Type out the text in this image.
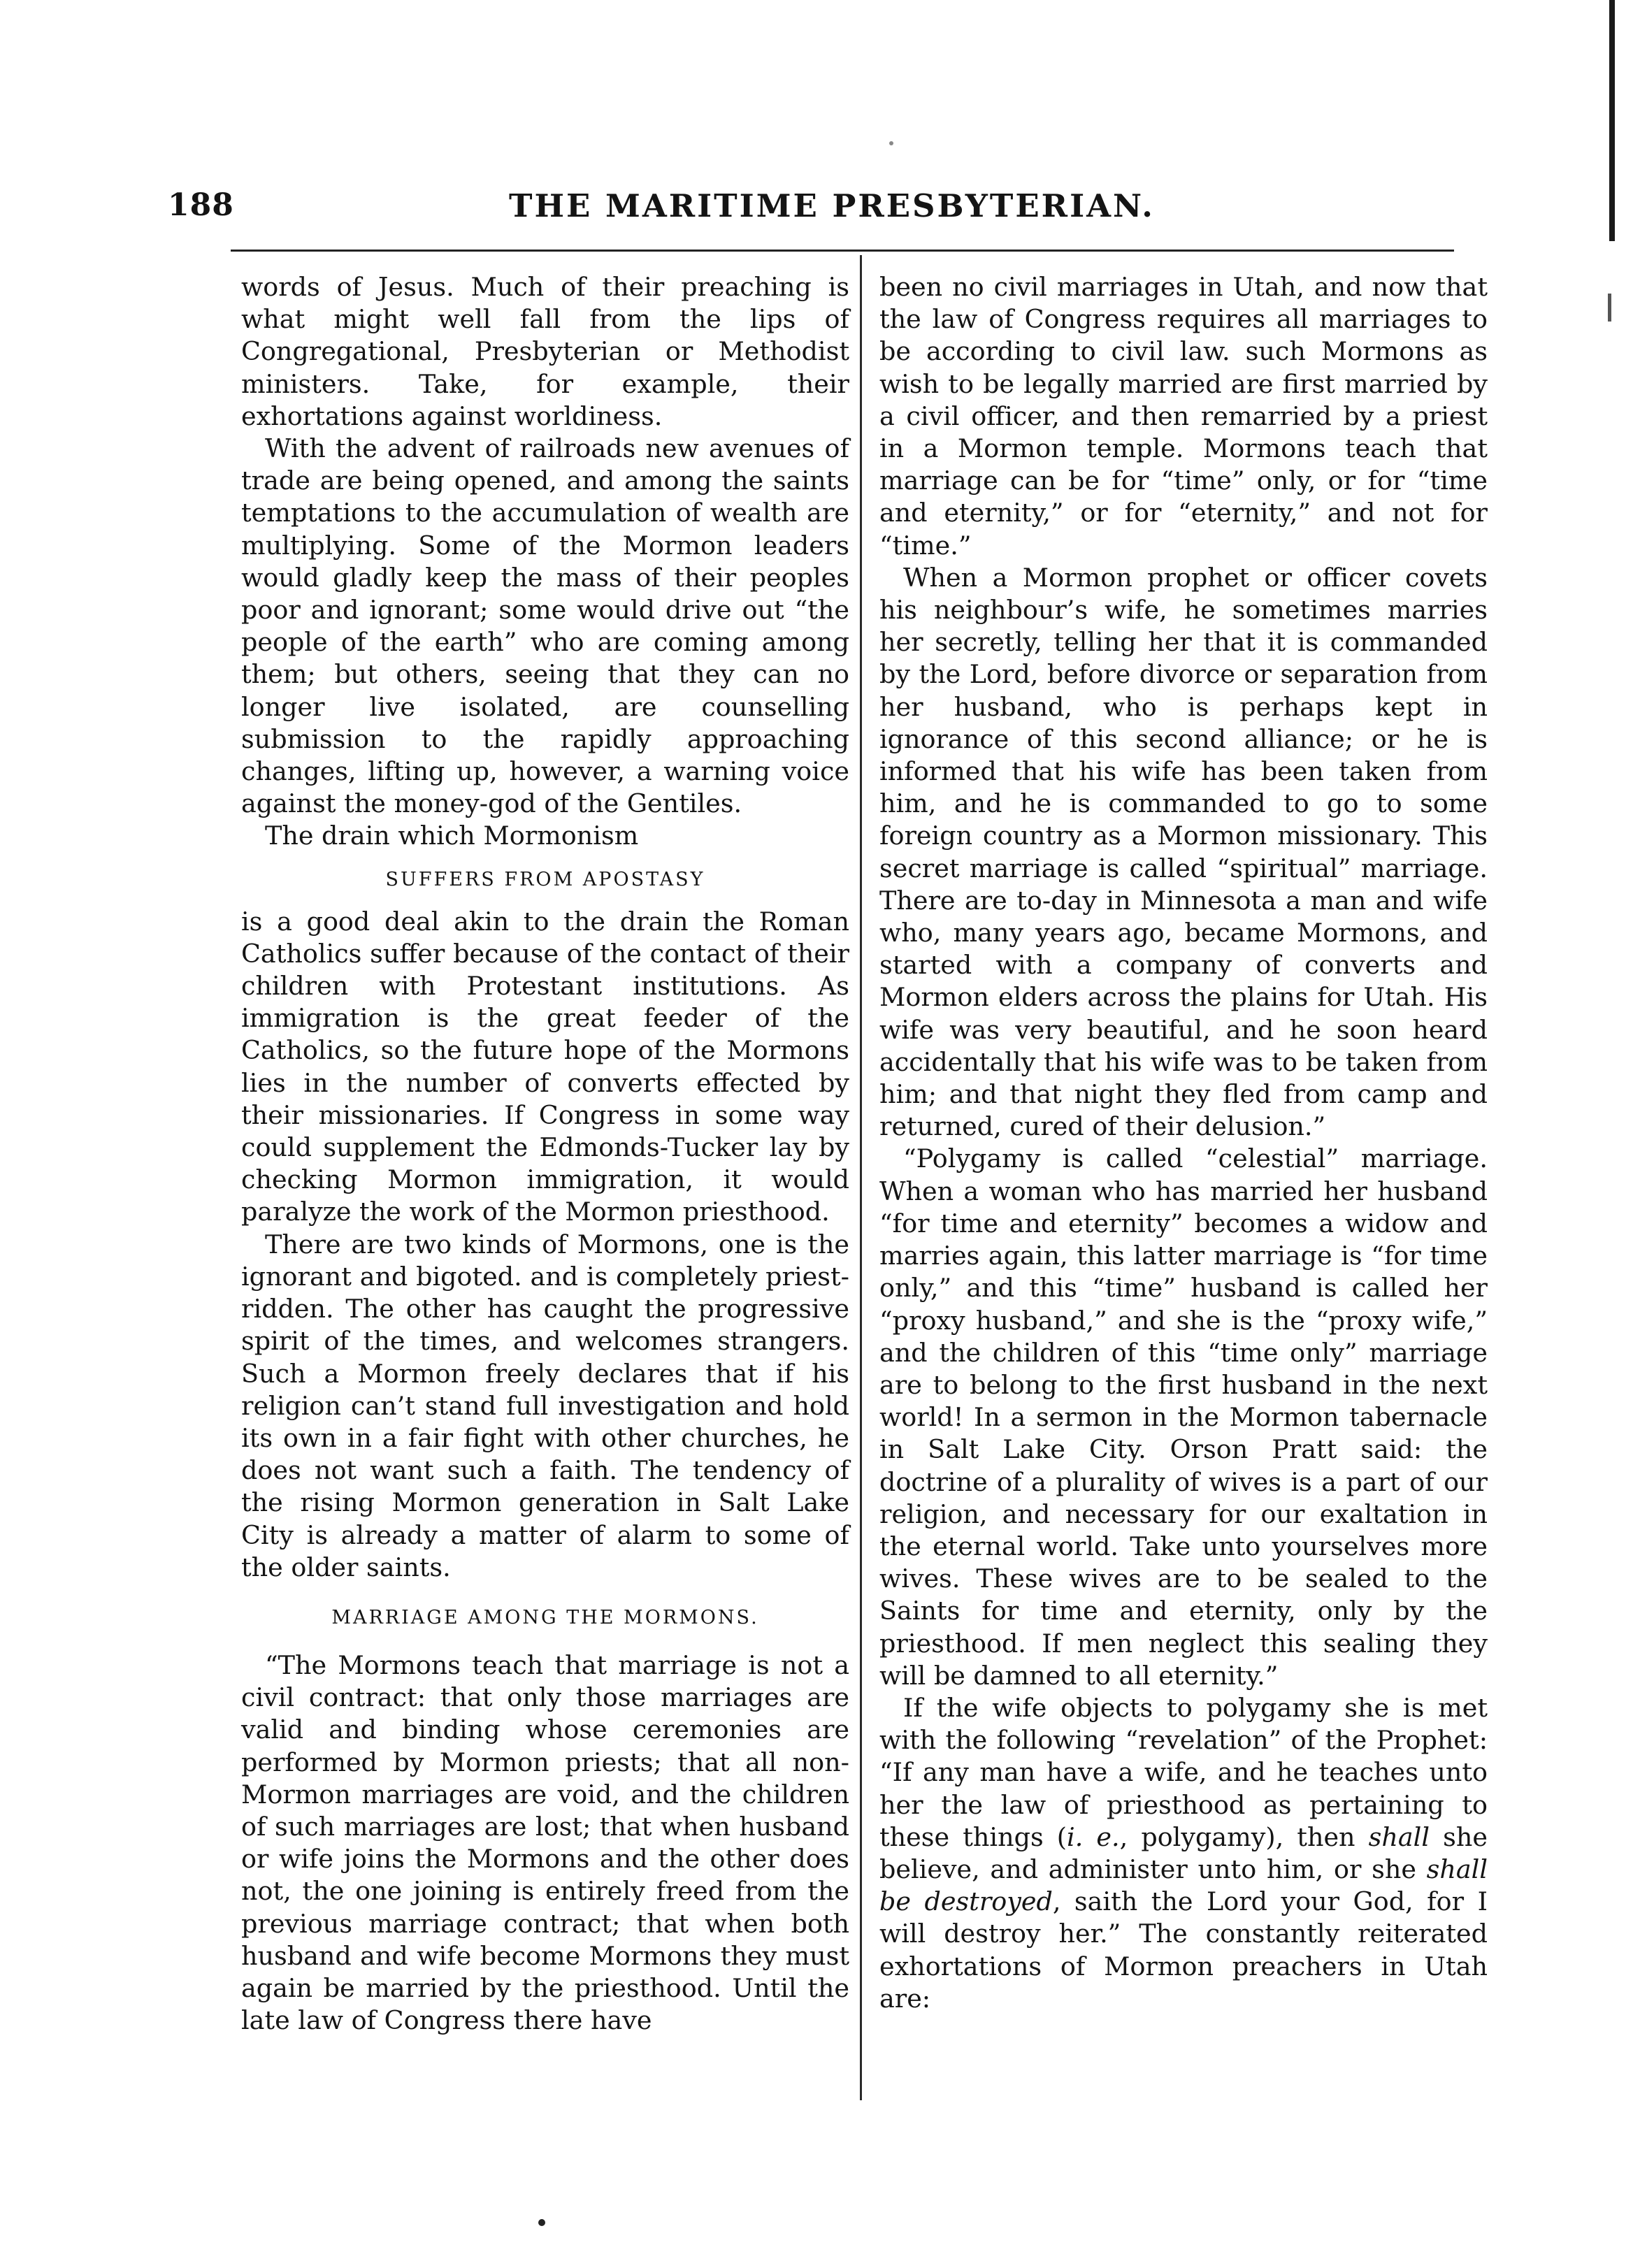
188	THE MARITIME PRESBYTERIAN.

words of Jesus. Much of their preaching is what might well fall from the lips of Congregational, Presbyterian or Methodist ministers. Take, for example, their exhortations against worldiness.

With the advent of railroads new avenues of trade are being opened, and among the saints temptations to the accumulation of wealth are multiplying. Some of the Mormon leaders would gladly keep the mass of their peoples poor and ignorant; some would drive out “the people of the earth” who are coming among them; but others, seeing that they can no longer live isolated, are counselling submission to the rapidly approaching changes, lifting up, however, a warning voice against the money-god of the Gentiles.

The drain which Mormonism

SUFFERS FROM APOSTASY

is a good deal akin to the drain the Roman Catholics suffer because of the contact of their children with Protestant institutions. As immigration is the great feeder of the Catholics, so the future hope of the Mormons lies in the number of converts effected by their missionaries. If Congress in some way could supplement the Edmonds-Tucker lay by checking Mormon immigration, it would paralyze the work of the Mormon priesthood.

There are two kinds of Mormons, one is the ignorant and bigoted. and is completely priest-ridden. The other has caught the progressive spirit of the times, and welcomes strangers. Such a Mormon freely declares that if his religion can’t stand full investigation and hold its own in a fair fight with other churches, he does not want such a faith. The tendency of the rising Mormon generation in Salt Lake City is already a matter of alarm to some of the older saints.

MARRIAGE AMONG THE MORMONS.

“The Mormons teach that marriage is not a civil contract: that only those marriages are valid and binding whose ceremonies are performed by Mormon priests; that all non-Mormon marriages are void, and the children of such marriages are lost; that when husband or wife joins the Mormons and the other does not, the one joining is entirely freed from the previous marriage contract; that when both husband and wife become Mormons they must again be married by the priesthood. Until the late law of Congress there have

been no civil marriages in Utah, and now that the law of Congress requires all marriages to be according to civil law. such Mormons as wish to be legally married are first married by a civil officer, and then remarried by a priest in a Mormon temple. Mormons teach that marriage can be for “time” only, or for “time and eternity,” or for “eternity,” and not for “time.”

When a Mormon prophet or officer covets his neighbour’s wife, he sometimes marries her secretly, telling her that it is commanded by the Lord, before divorce or separation from her husband, who is perhaps kept in ignorance of this second alliance; or he is informed that his wife has been taken from him, and he is commanded to go to some foreign country as a Mormon missionary. This secret marriage is called “spiritual” marriage. There are to-day in Minnesota a man and wife who, many years ago, became Mormons, and started with a company of converts and Mormon elders across the plains for Utah. His wife was very beautiful, and he soon heard accidentally that his wife was to be taken from him; and that night they fled from camp and returned, cured of their delusion.”

“Polygamy is called “celestial” marriage. When a woman who has married her husband “for time and eternity” becomes a widow and marries again, this latter marriage is “for time only,” and this “time” husband is called her “proxy husband,” and she is the “proxy wife,” and the children of this “time only” marriage are to belong to the first husband in the next world! In a sermon in the Mormon tabernacle in Salt Lake City. Orson Pratt said: the doctrine of a plurality of wives is a part of our religion, and necessary for our exaltation in the eternal world. Take unto yourselves more wives. These wives are to be sealed to the Saints for time and eternity, only by the priesthood. If men neglect this sealing they will be damned to all eternity.”

If the wife objects to polygamy she is met with the following “revelation” of the Prophet: “If any man have a wife, and he teaches unto her the law of priesthood as pertaining to these things (i. e., polygamy), then shall she believe, and administer unto him, or she shall be destroyed, saith the Lord your God, for I will destroy her.” The constantly reiterated exhortations of Mormon preachers in Utah are:
